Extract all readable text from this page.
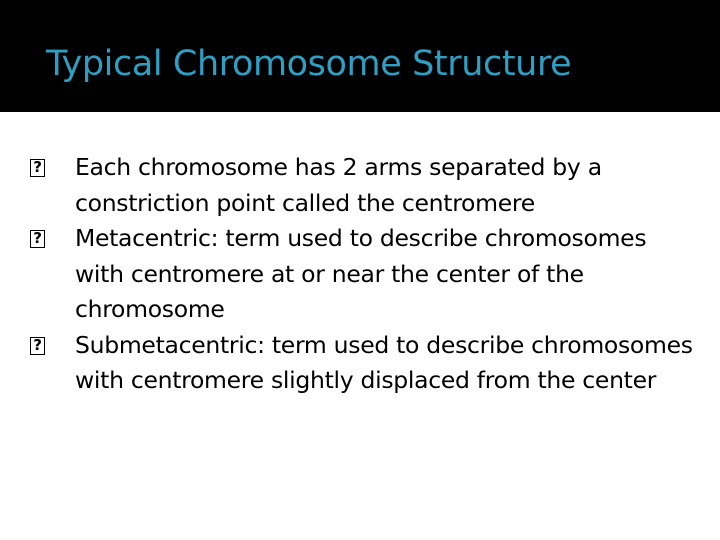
Typical Chromosome Structure
? Each chromosome has 2 arms separated by a constriction point called the centromere
? Metacentric: term used to describe chromosomes with centromere at or near the center of the chromosome
? Submetacentric: term used to describe chromosomes with centromere slightly displaced from the center
